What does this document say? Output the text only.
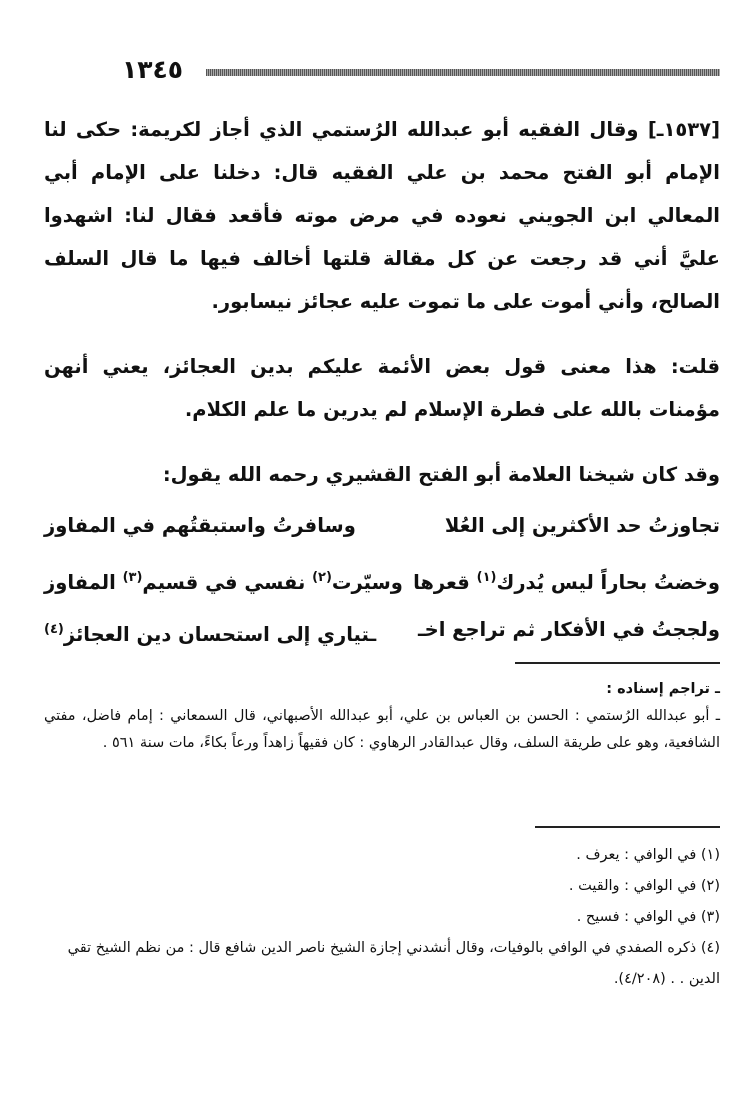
١٣٤٥

[١٥٣٧ـ] وقال الفقيه أبو عبدالله الرُستمي الذي أجاز لكريمة: حكى لنا الإمام أبو الفتح محمد بن علي الفقيه قال: دخلنا على الإمام أبي المعالي ابن الجويني نعوده في مرض موته فأقعد فقال لنا: اشهدوا عليَّ أني قد رجعت عن كل مقالة قلتها أخالف فيها ما قال السلف الصالح، وأني أموت على ما تموت عليه عجائز نيسابور.

قلت: هذا معنى قول بعض الأئمة عليكم بدين العجائز، يعني أنهن مؤمنات بالله على فطرة الإسلام لم يدرين ما علم الكلام.

وقد كان شيخنا العلامة أبو الفتح القشيري رحمه الله يقول:

تجاوزتُ حد الأكثرين إلى العُلا
وسافرتُ واستبقتُهم في المفاوز
وخضتُ بحاراً ليس يُدرك$^{(١)}$ قعرها
وسيّرت$^{(٢)}$ نفسي في قسيم$^{(٣)}$ المفاوز
ولججتُ في الأفكار ثم تراجع اخـ
ـتياري إلى استحسان دين العجائز$^{(٤)}$

ـ تراجم إسناده :

ـ أبو عبدالله الرُستمي : الحسن بن العباس بن علي، أبو عبدالله الأصبهاني، قال السمعاني : إمام فاضل، مفتي الشافعية، وهو على طريقة السلف، وقال عبدالقادر الرهاوي : كان فقيهاً زاهداً ورعاً بكاءً، مات سنة ٥٦١ .

(١) في الوافي : يعرف .

(٢) في الوافي : والقيت .

(٣) في الوافي : فسيح .

(٤) ذكره الصفدي في الوافي بالوفيات، وقال أنشدني إجازة الشيخ ناصر الدين شافع قال : من نظم الشيخ تقي الدين . . (٤/٢٠٨).
